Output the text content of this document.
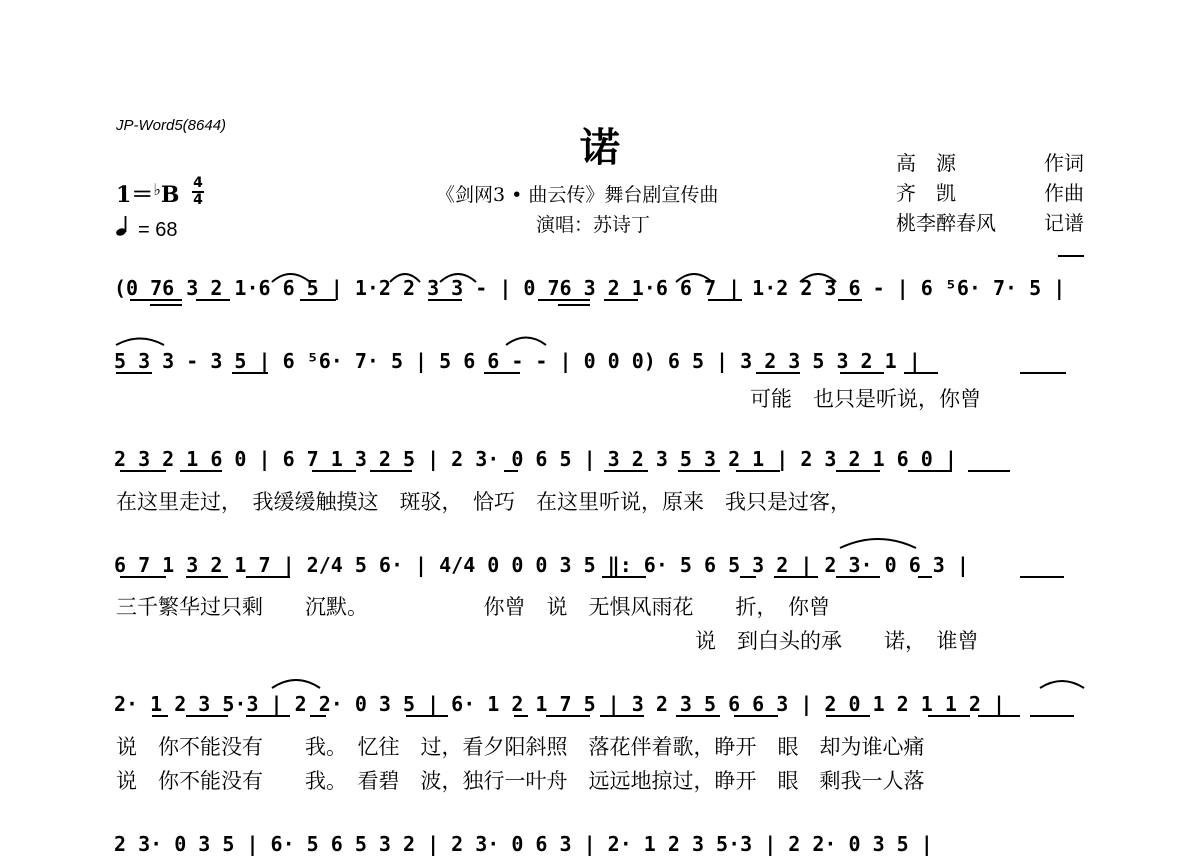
JP-Word5(8644)	诺
《剑网3 • 曲云传》舞台剧宣传曲
演唱：苏诗丁
高　源	作词
齐　凯	作曲
桃李醉春风 记谱
1＝♭B 4
4
= 68
(0 76 3 2 1·6 6 5 | 1·2 2 3 3 - | 0 76 3 2 1·6 6 7 | 1·2 2 3 6 - | 6 ⁵6· 7· 5 |
5 3 3 - 3 5 | 6 ⁵6· 7· 5 | 5 6 6 - - | 0 0 0) 6 5 | 3 2 3 5 3 2 1 |
可能　也只是听说，你曾
2 3 2 1 6 0 | 6 7 1 3 2 5 | 2 3· 0 6 5 | 3 2 3 5 3 2 1 | 2 3 2 1 6 0 |
在这里走过，　我缓缓触摸这　斑驳，　恰巧　在这里听说，原来　我只是过客，
6 7 1 3 2 1 7 | 2/4 5 6· | 4/4 0 0 0 3 5 ‖: 6· 5 6 5 3 2 | 2 3· 0 6 3 |
三千繁华过只剩　　沉默。　　　　　　你曾　说　无惧风雨花　　折，　你曾
说　到白头的承　　诺，　谁曾
2· 1 2 3 5·3 | 2 2· 0 3 5 | 6· 1 2 1 7 5 | 3 2 3 5 6 6 3 | 2 0 1 2 1 1 2 |
说　你不能没有　　我。　忆往　过，看夕阳斜照　落花伴着歌，睁开　眼　却为谁心痛
说　你不能没有　　我。　看碧　波，独行一叶舟　远远地掠过，睁开　眼　剩我一人落
2 3· 0 3 5 | 6· 5 6 5 3 2 | 2 3· 0 6 3 | 2· 1 2 3 5·3 | 2 2· 0 3 5 |
